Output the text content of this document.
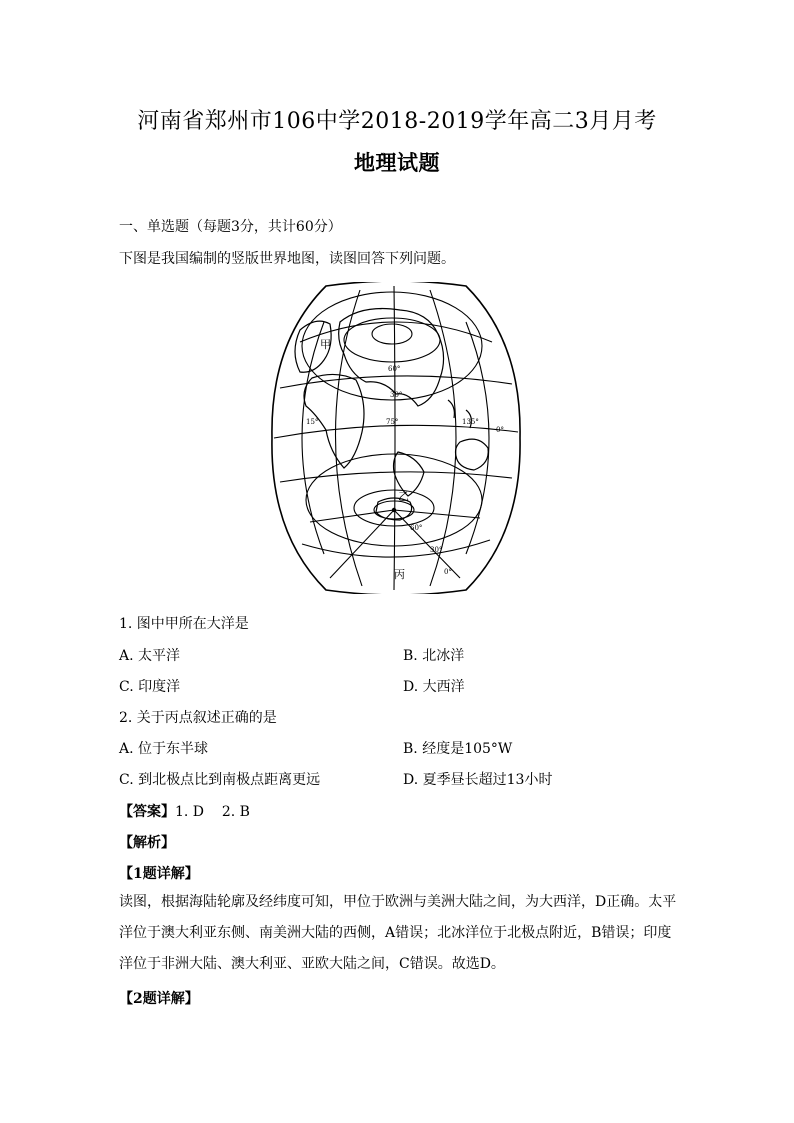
河南省郑州市106中学2018-2019学年高二3月月考
地理试题
一、单选题（每题3分，共计60分）
下图是我国编制的竖版世界地图，读图回答下列问题。
甲
乙
丙
60°
30°
15°	75°	135°
0°
60°
30°
0°
1. 图中甲所在大洋是
A. 太平洋	B. 北冰洋
C. 印度洋	D. 大西洋
2. 关于丙点叙述正确的是
A. 位于东半球	B. 经度是105°W
C. 到北极点比到南极点距离更远	D. 夏季昼长超过13小时
【答案】1. D    2. B
【解析】
【1题详解】
读图，根据海陆轮廓及经纬度可知，甲位于欧洲与美洲大陆之间，为大西洋，D正确。太平洋位于澳大利亚东侧、南美洲大陆的西侧，A错误；北冰洋位于北极点附近，B错误；印度洋位于非洲大陆、澳大利亚、亚欧大陆之间，C错误。故选D。
【2题详解】
